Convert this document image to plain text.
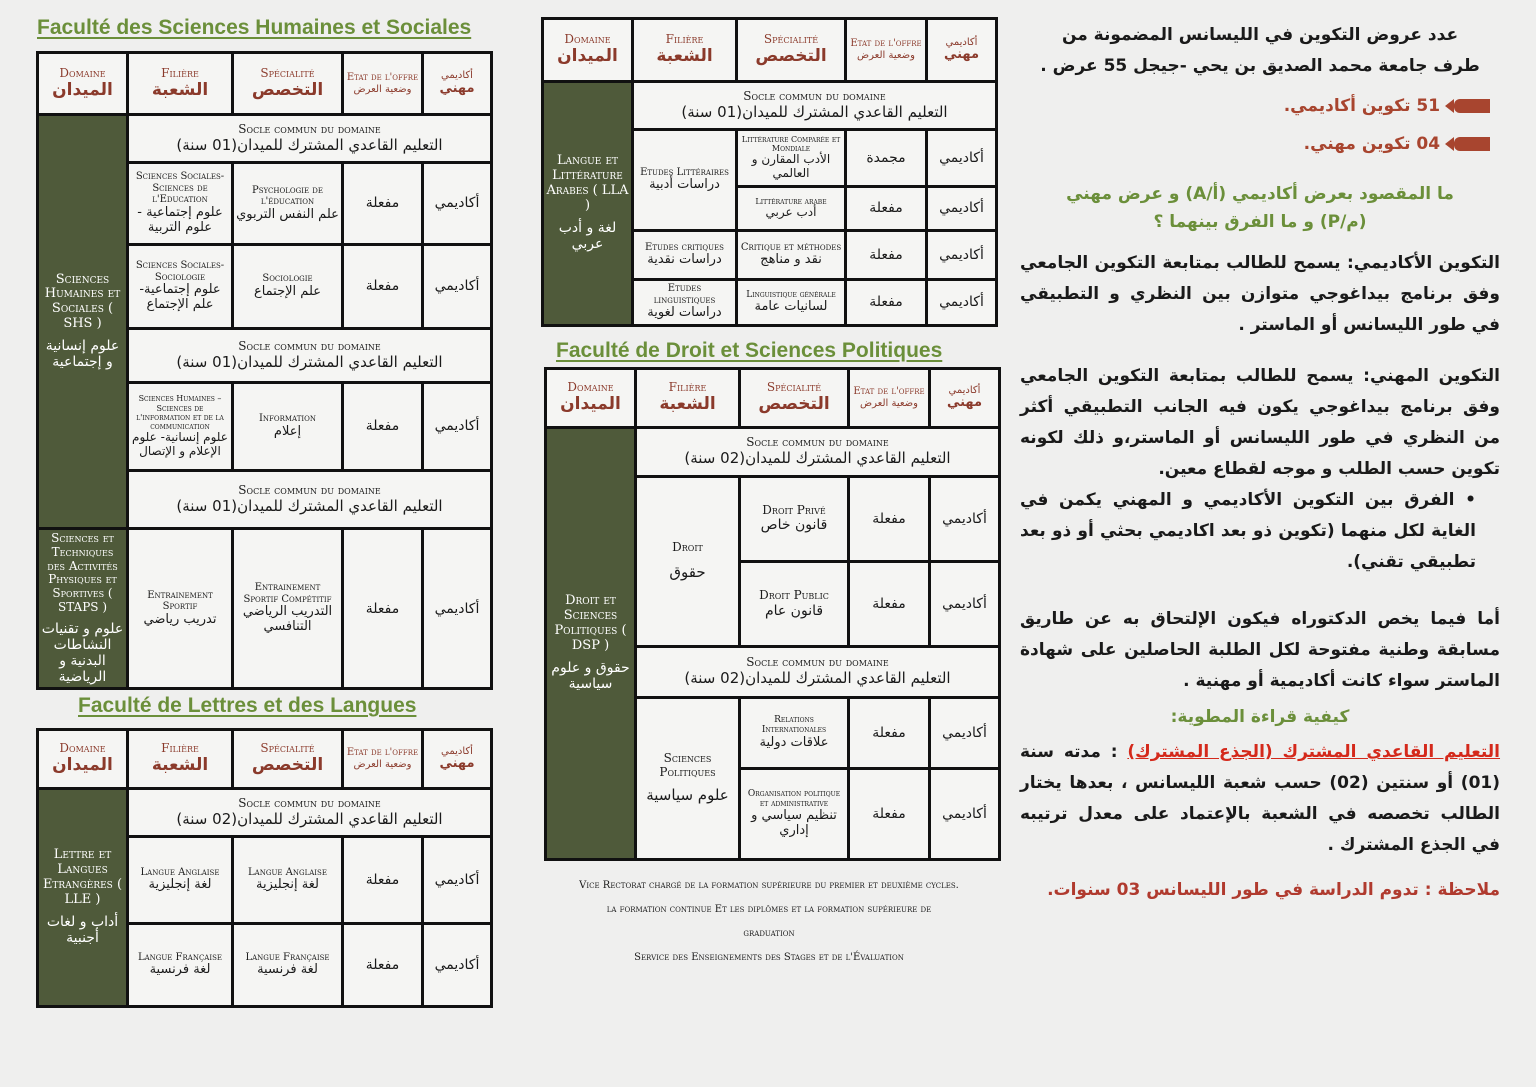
Faculté des Sciences Humaines et Sociales
Domaine
الميدان	Filière
الشعبة	Spécialité
التخصص	Etat de l'offre
وضعية العرض	أكاديمي
مهني

Sciences Humaines et Sociales ( SHS )
علوم إنسانية و إجتماعية	Socle commun du domaine
التعليم القاعدي المشترك للميدان(01 سنة)			

	Sciences Sociales- Sciences de l'Education
علوم إجتماعية - علوم التربية	Psychologie de l'éducation
علم النفس التربوي	مفعلة	أكاديمي

	Sciences Sociales- Sociologie
علوم إجتماعية- علم الإجتماع	Sociologie
علم الإجتماع	مفعلة	أكاديمي

	Socle commun du domaine
التعليم القاعدي المشترك للميدان(01 سنة)			

	Sciences Humaines – Sciences de l'information et de la communication
علوم إنسانية- علوم الإعلام و الإتصال	Information
إعلام	مفعلة	أكاديمي

	Socle commun du domaine
التعليم القاعدي المشترك للميدان(01 سنة)			

Sciences et Techniques des Activités Physiques et Sportives ( STAPS )
علوم و تقنيات النشاطات البدنية و الرياضية	Entrainement Sportif
تدريب رياضي	Entrainement Sportif Compétitif
التدريب الرياضي التنافسي	مفعلة	أكاديمي
Faculté de Lettres et des Langues
Domaine
الميدان	Filière
الشعبة	Spécialité
التخصص	Etat de l'offre
وضعية العرض	أكاديمي
مهني

Lettre et Langues Etrangères ( LLE )
أداب و لغات أجنبية	Socle commun du domaine
التعليم القاعدي المشترك للميدان(02 سنة)			

	Langue Anglaise
لغة إنجليزية	Langue Anglaise
لغة إنجليزية	مفعلة	أكاديمي

	Langue Française
لغة فرنسية	Langue Française
لغة فرنسية	مفعلة	أكاديمي
Domaine
الميدان	Filière
الشعبة	Spécialité
التخصص	Etat de l'offre
وضعية العرض	أكاديمي
مهني

Langue et Littérature Arabes ( LLA )
لغة و أدب عربي	Socle commun du domaine
التعليم القاعدي المشترك للميدان(01 سنة)			

	Etudes Littéraires
دراسات أدبية	Littérature Comparée et Mondiale
الأدب المقارن و العالمي	مجمدة	أكاديمي

		Littérature arabe
أدب عربي	مفعلة	أكاديمي

	Etudes critiques
دراسات نقدية	Critique et méthodes
نقد و مناهج	مفعلة	أكاديمي

	Etudes linguistiques
دراسات لغوية	Linguistique générale
لسانيات عامة	مفعلة	أكاديمي
Faculté de Droit et Sciences Politiques
Domaine
الميدان	Filière
الشعبة	Spécialité
التخصص	Etat de l'offre
وضعية العرض	أكاديمي
مهني

Droit et Sciences Politiques ( DSP )
حقوق و علوم سياسية	Socle commun du domaine
التعليم القاعدي المشترك للميدان(02 سنة)			

	Droit
حقوق	Droit Privé
قانون خاص	مفعلة	أكاديمي

		Droit Public
قانون عام	مفعلة	أكاديمي

	Socle commun du domaine
التعليم القاعدي المشترك للميدان(02 سنة)			

	Sciences Politiques
علوم سياسية	Relations Internationales
علاقات دولية	مفعلة	أكاديمي

		Organisation politique et administrative
تنظيم سياسي و إداري	مفعلة	أكاديمي
Vice Rectorat chargé de la formation supérieure du premier et deuxième cycles.
la formation continue Et les diplômes et la formation supérieure de
graduation
Service des Enseignements des Stages et de l'Évaluation

عدد عروض التكوين في الليسانس المضمونة من طرف جامعة محمد الصديق بن يحي -جيجل 55 عرض .

51 تكوين أكاديمي.

04 تكوين مهني.

ما المقصود بعرض أكاديمي (أ/A) و عرض مهني (م/P) و ما الفرق بينهما ؟

التكوين الأكاديمي: يسمح للطالب بمتابعة التكوين الجامعي وفق برنامج بيداغوجي متوازن بين النظري و التطبيقي في طور الليسانس أو الماستر .

التكوين المهني: يسمح للطالب بمتابعة التكوين الجامعي وفق برنامج بيداغوجي يكون فيه الجانب التطبيقي أكثر من النظري في طور الليسانس أو الماستر،و ذلك لكونه تكوين حسب الطلب و موجه لقطاع معين.

• الفرق بين التكوين الأكاديمي و المهني يكمن في الغاية لكل منهما (تكوين ذو بعد اكاديمي بحثي أو ذو بعد تطبيقي تقني).

أما فيما يخص الدكتوراه فيكون الإلتحاق به عن طاريق مسابقة وطنية مفتوحة لكل الطلبة الحاصلين على شهادة الماستر سواء كانت أكاديمية أو مهنية .

كيفية قراءة المطوية:

التعليم القاعدي المشترك (الجذع المشترك) : مدته سنة (01) أو سنتين (02) حسب شعبة الليسانس ، بعدها يختار الطالب تخصصه في الشعبة بالإعتماد على معدل ترتيبه في الجذع المشترك .

ملاحظة : تدوم الدراسة في طور الليسانس 03 سنوات.
